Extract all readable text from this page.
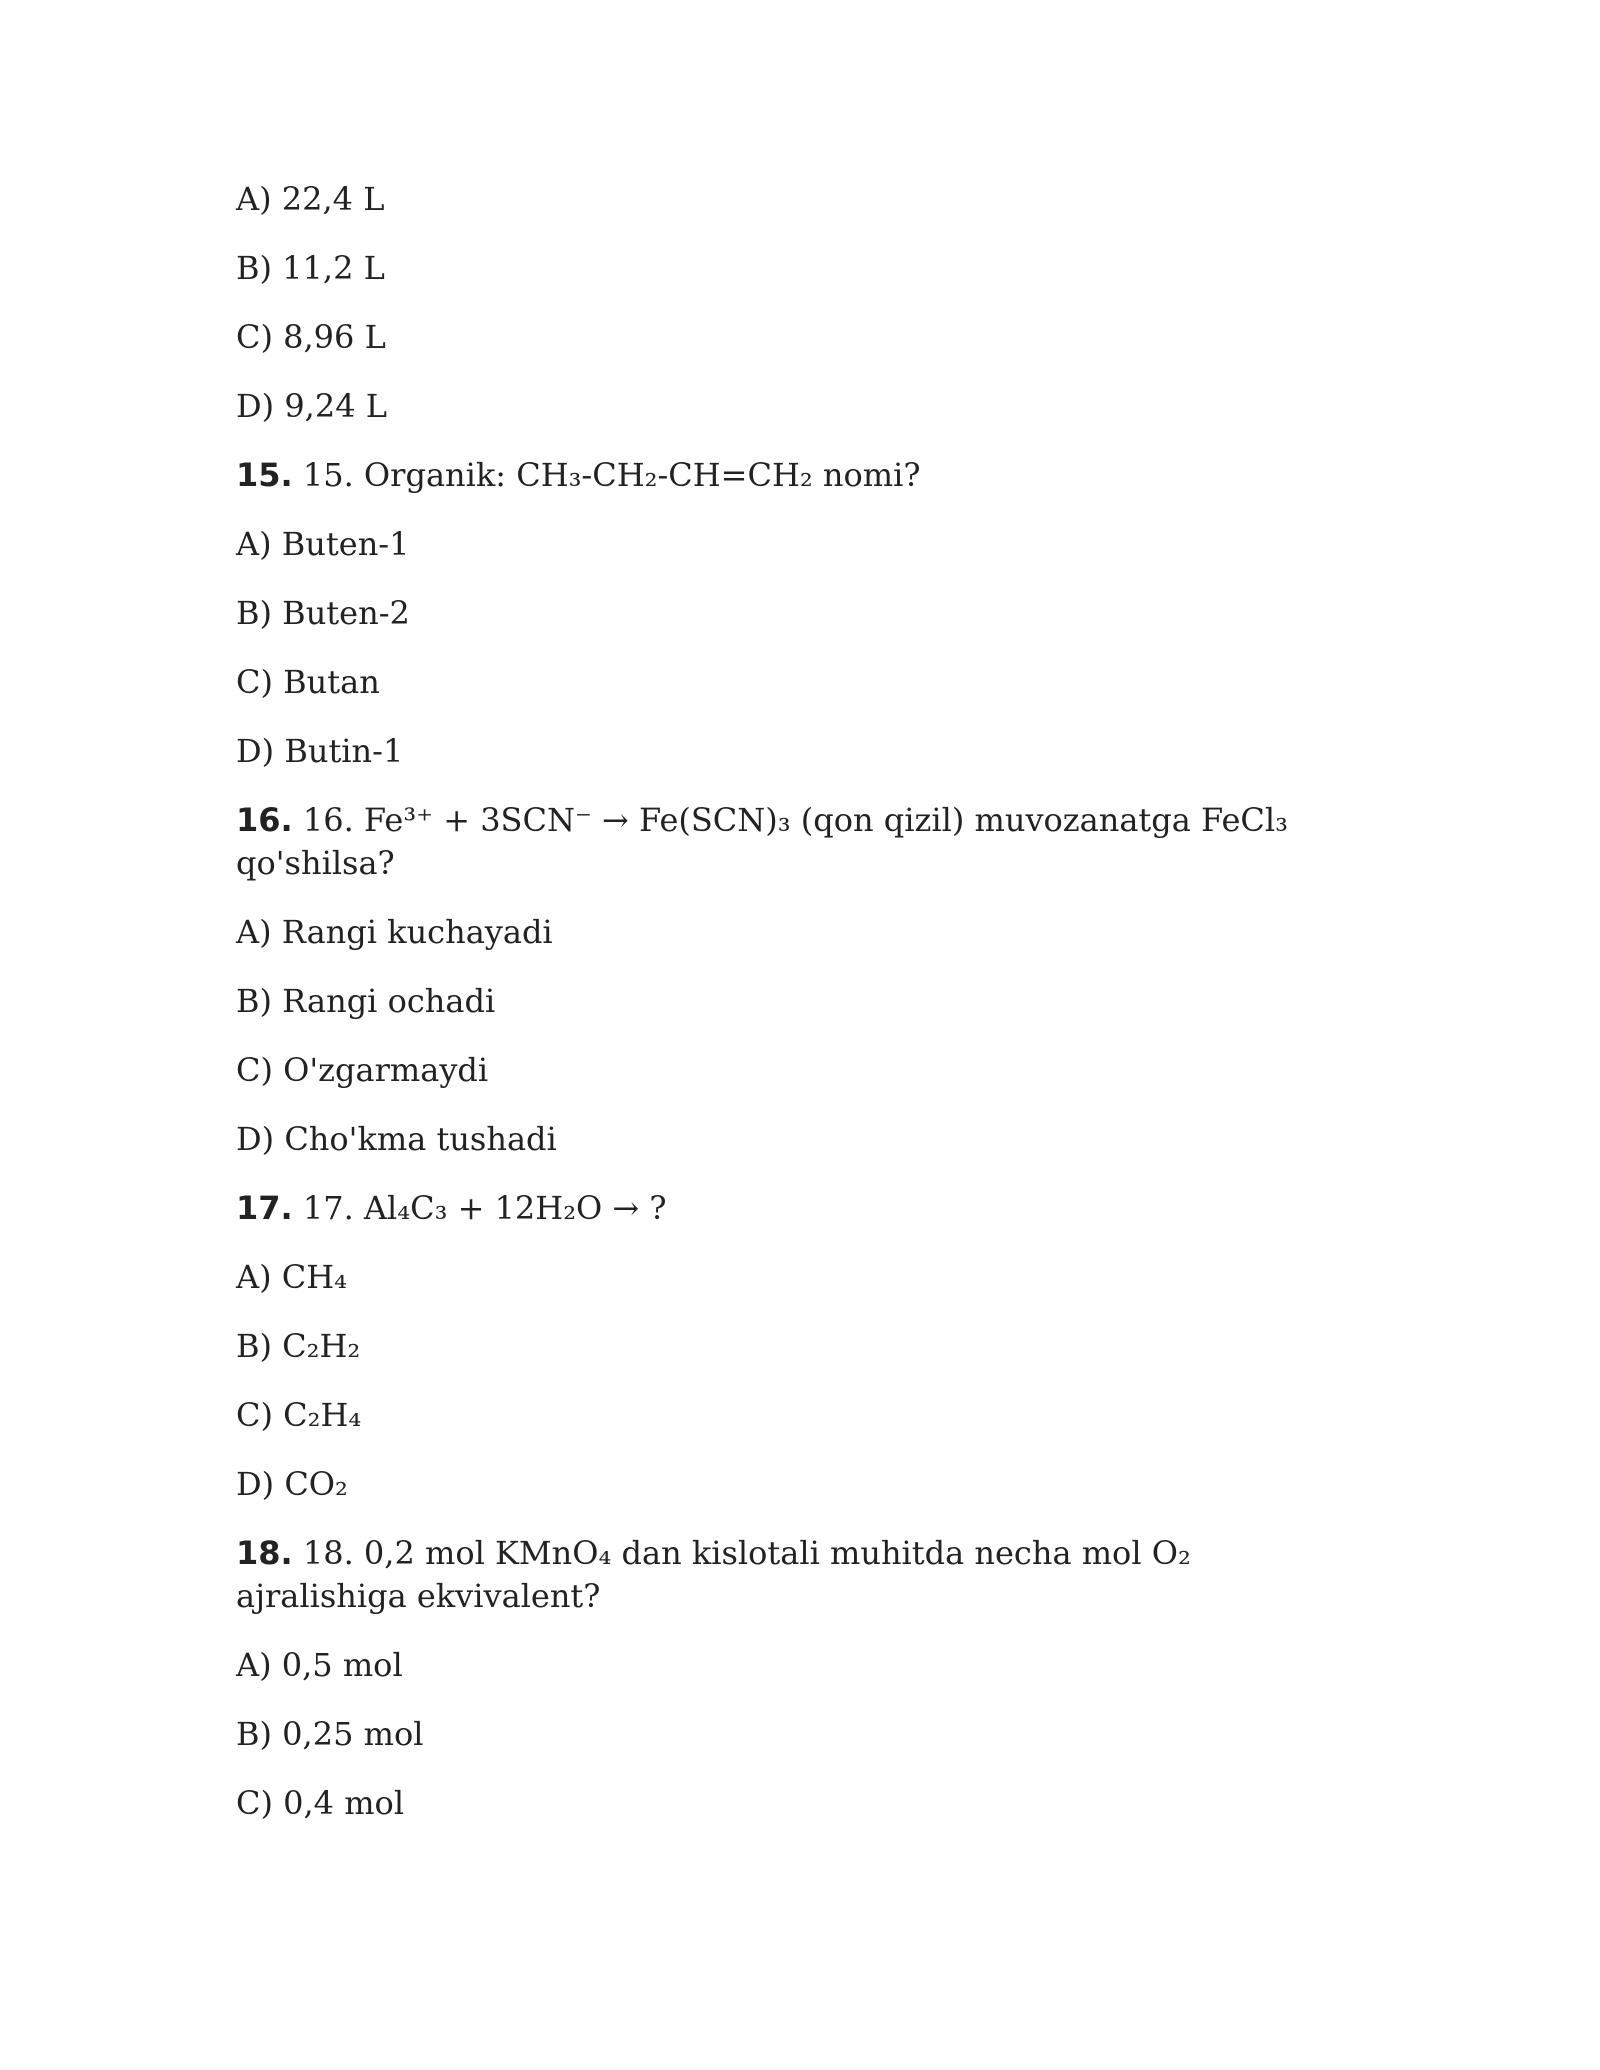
A) 22,4 L
B) 11,2 L
C) 8,96 L
D) 9,24 L
15. 15. Organik: CH₃-CH₂-CH=CH₂ nomi?
A) Buten-1
B) Buten-2
C) Butan
D) Butin-1
16. 16. Fe³⁺ + 3SCN⁻ → Fe(SCN)₃ (qon qizil) muvozanatga FeCl₃ qo'shilsa?
A) Rangi kuchayadi
B) Rangi ochadi
C) O'zgarmaydi
D) Cho'kma tushadi
17. 17. Al₄C₃ + 12H₂O → ?
A) CH₄
B) C₂H₂
C) C₂H₄
D) CO₂
18. 18. 0,2 mol KMnO₄ dan kislotali muhitda necha mol O₂ ajralishiga ekvivalent?
A) 0,5 mol
B) 0,25 mol
C) 0,4 mol
